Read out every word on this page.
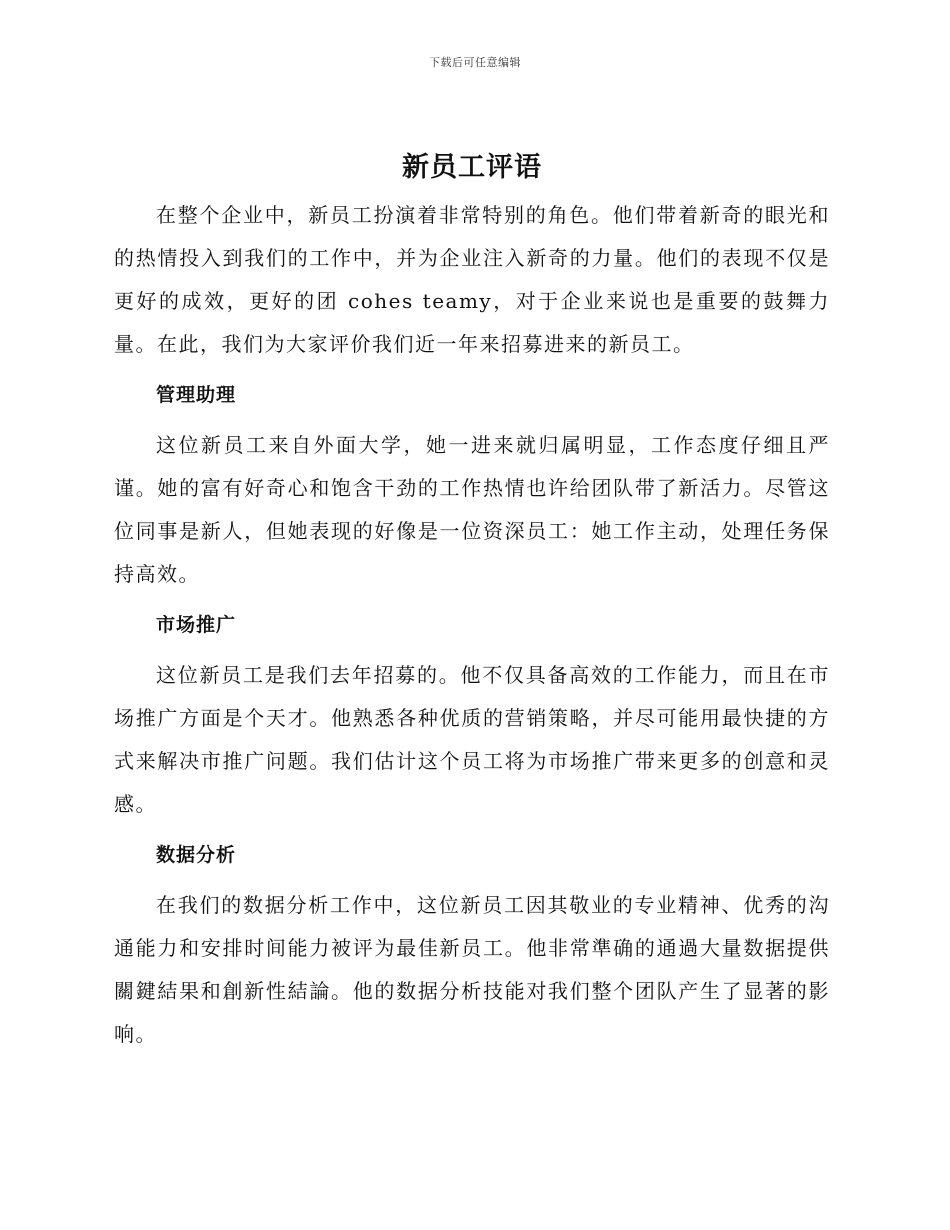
下载后可任意编辑
新员工评语

在整个企业中，新员工扮演着非常特别的角色。他们带着新奇的眼光和的热情投入到我们的工作中，并为企业注入新奇的力量。他们的表现不仅是更好的成效，更好的团 cohes teamy，对于企业来说也是重要的鼓舞力量。在此，我们为大家评价我们近一年来招募进来的新员工。

管理助理

这位新员工来自外面大学，她一进来就归属明显，工作态度仔细且严谨。她的富有好奇心和饱含干劲的工作热情也许给团队带了新活力。尽管这位同事是新人，但她表现的好像是一位资深员工：她工作主动，处理任务保持高效。

市场推广

这位新员工是我们去年招募的。他不仅具备高效的工作能力，而且在市场推广方面是个天才。他熟悉各种优质的营销策略，并尽可能用最快捷的方式来解决市推广问题。我们估计这个员工将为市场推广带来更多的创意和灵感。

数据分析

在我们的数据分析工作中，这位新员工因其敬业的专业精神、优秀的沟通能力和安排时间能力被评为最佳新员工。他非常準确的通過大量数据提供關鍵結果和創新性結論。他的数据分析技能对我们整个团队产生了显著的影响。
